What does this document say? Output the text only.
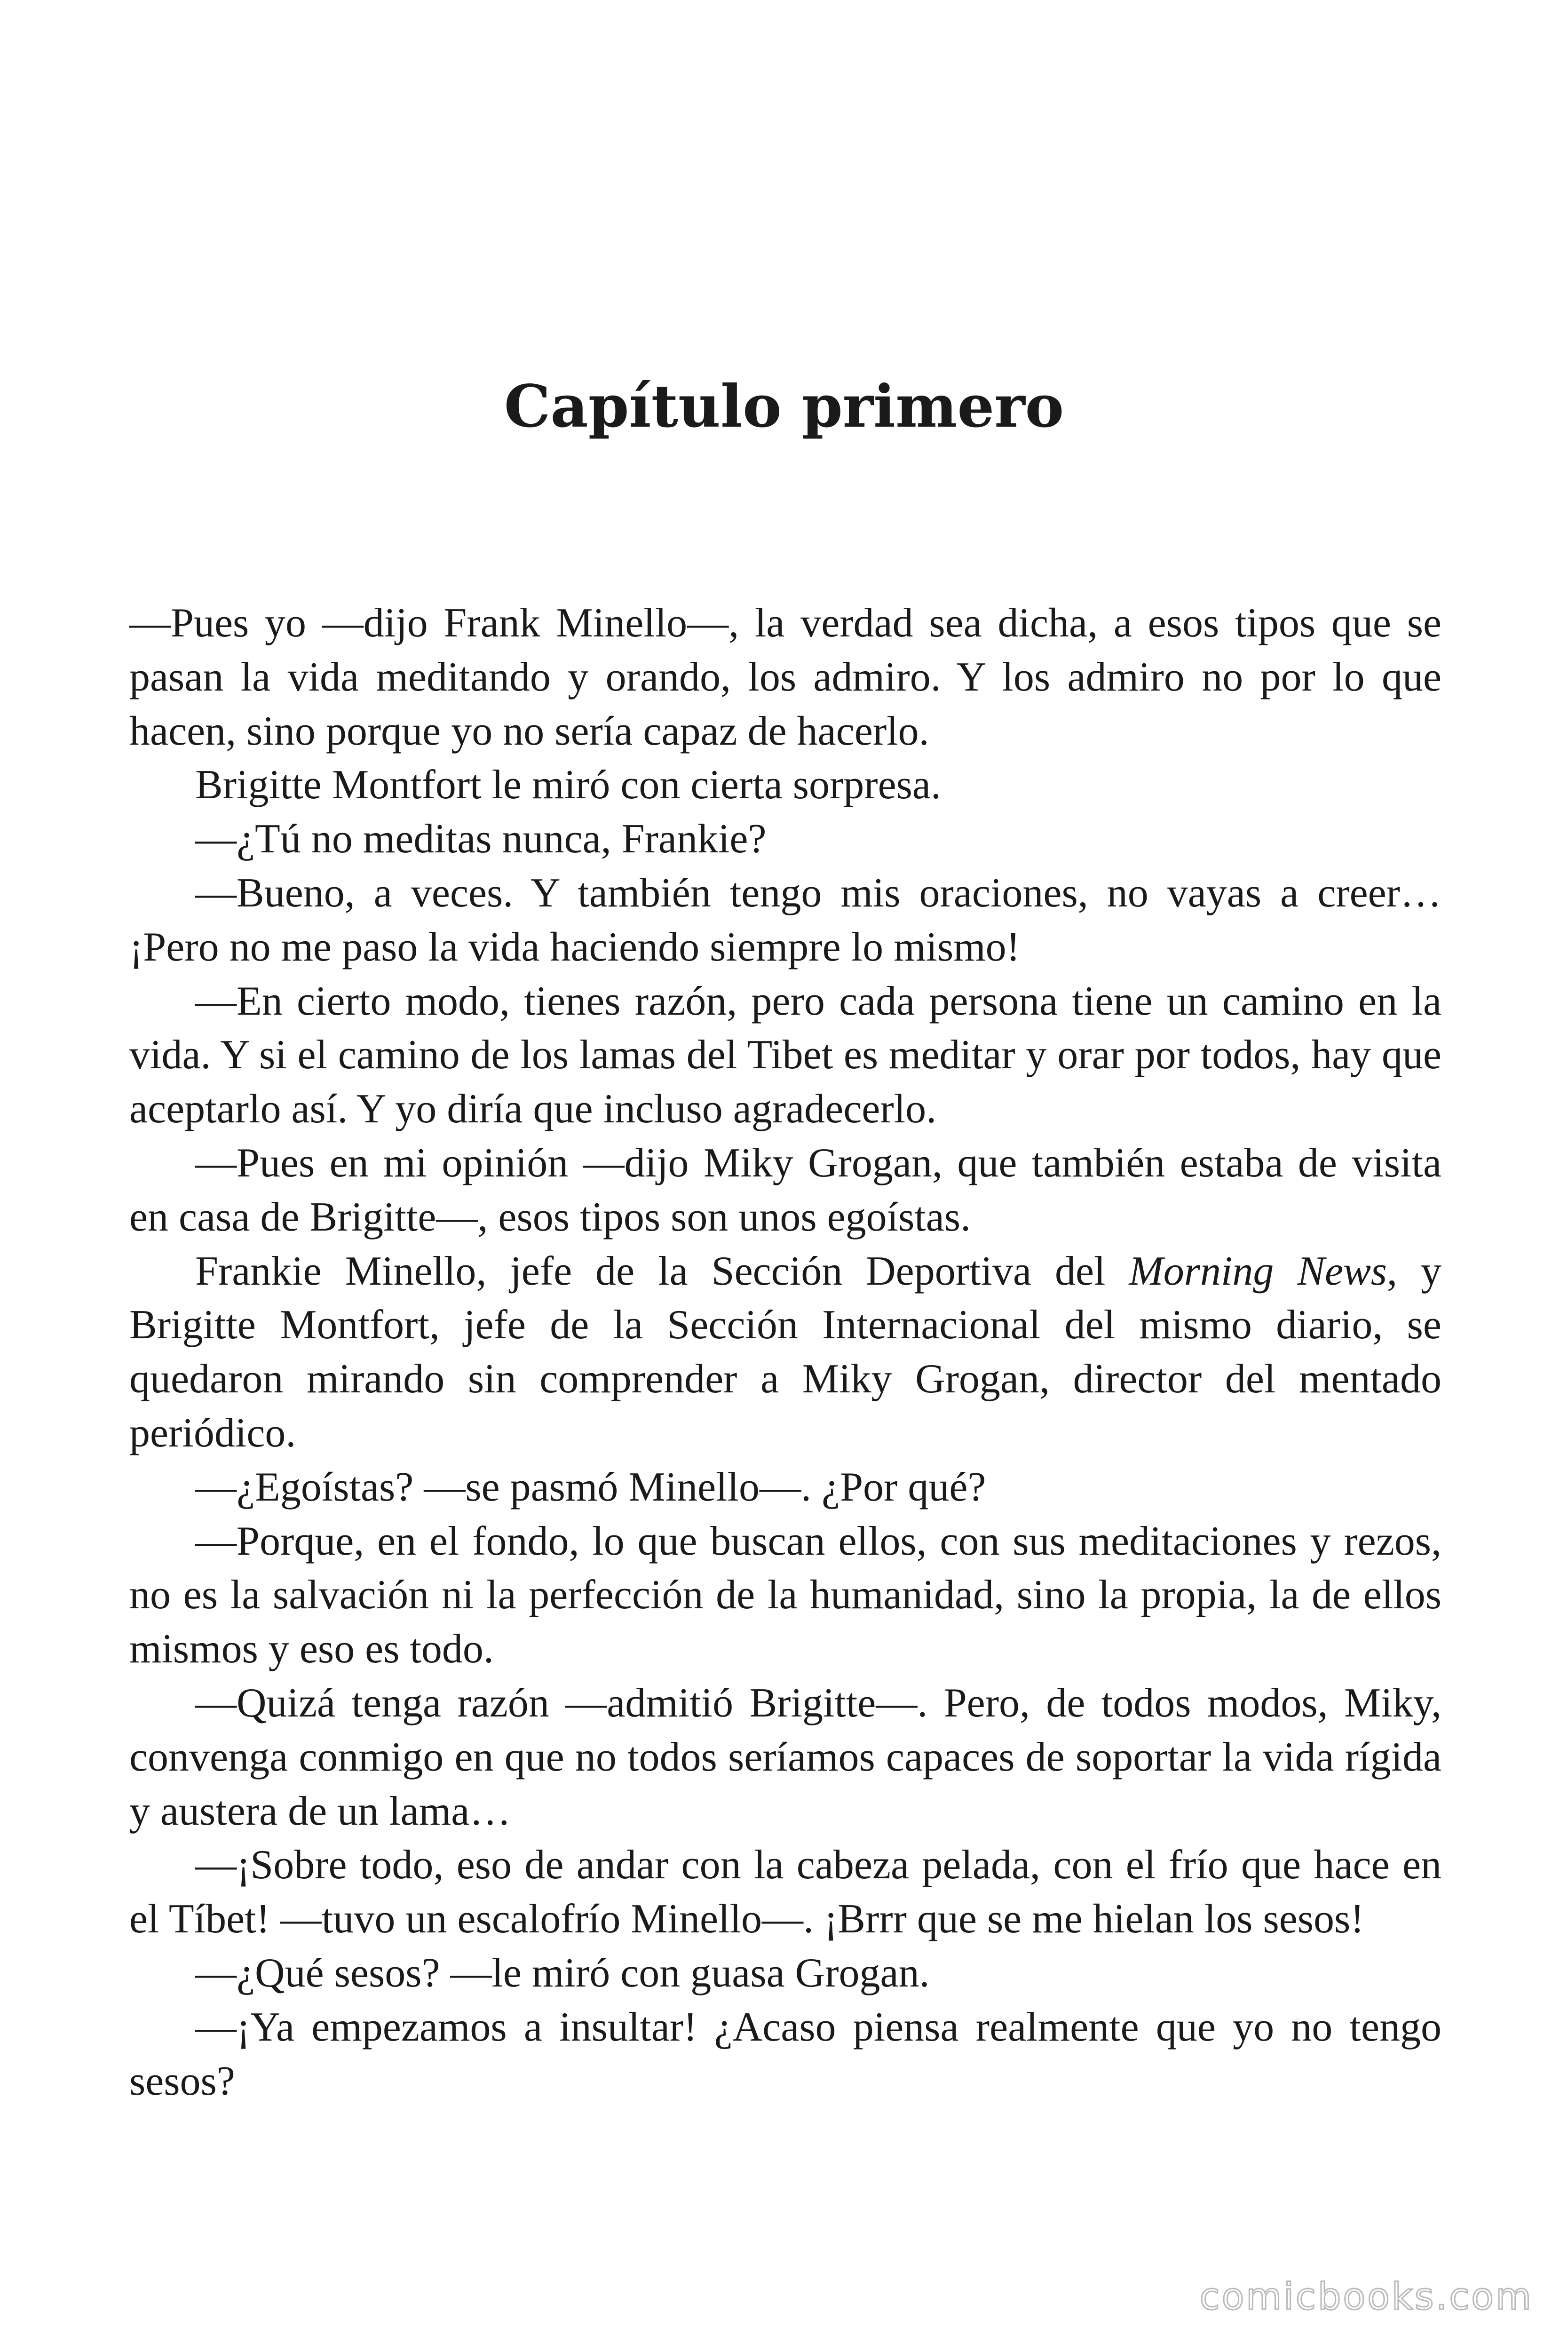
Capítulo primero

—Pues yo —dijo Frank Minello—, la verdad sea dicha, a esos tipos que se pasan la vida meditando y orando, los admiro. Y los admiro no por lo que hacen, sino porque yo no sería capaz de hacerlo.

Brigitte Montfort le miró con cierta sorpresa.

—¿Tú no meditas nunca, Frankie?

—Bueno, a veces. Y también tengo mis oraciones, no vayas a creer… ¡Pero no me paso la vida haciendo siempre lo mismo!

—En cierto modo, tienes razón, pero cada persona tiene un camino en la vida. Y si el camino de los lamas del Tibet es meditar y orar por todos, hay que aceptarlo así. Y yo diría que incluso agradecerlo.

—Pues en mi opinión —dijo Miky Grogan, que también estaba de visita en casa de Brigitte—, esos tipos son unos egoístas.

Frankie Minello, jefe de la Sección Deportiva del Morning News, y Brigitte Montfort, jefe de la Sección Internacional del mismo diario, se quedaron mirando sin comprender a Miky Grogan, director del mentado periódico.

—¿Egoístas? —se pasmó Minello—. ¿Por qué?

—Porque, en el fondo, lo que buscan ellos, con sus meditaciones y rezos, no es la salvación ni la perfección de la humanidad, sino la propia, la de ellos mismos y eso es todo.

—Quizá tenga razón —admitió Brigitte—. Pero, de todos modos, Miky, convenga conmigo en que no todos seríamos capaces de soportar la vida rígida y austera de un lama…

—¡Sobre todo, eso de andar con la cabeza pelada, con el frío que hace en el Tíbet! —tuvo un escalofrío Minello—. ¡Brrr que se me hielan los sesos!

—¿Qué sesos? —le miró con guasa Grogan.

—¡Ya empezamos a insultar! ¿Acaso piensa realmente que yo no tengo sesos?

comicbooks.com
